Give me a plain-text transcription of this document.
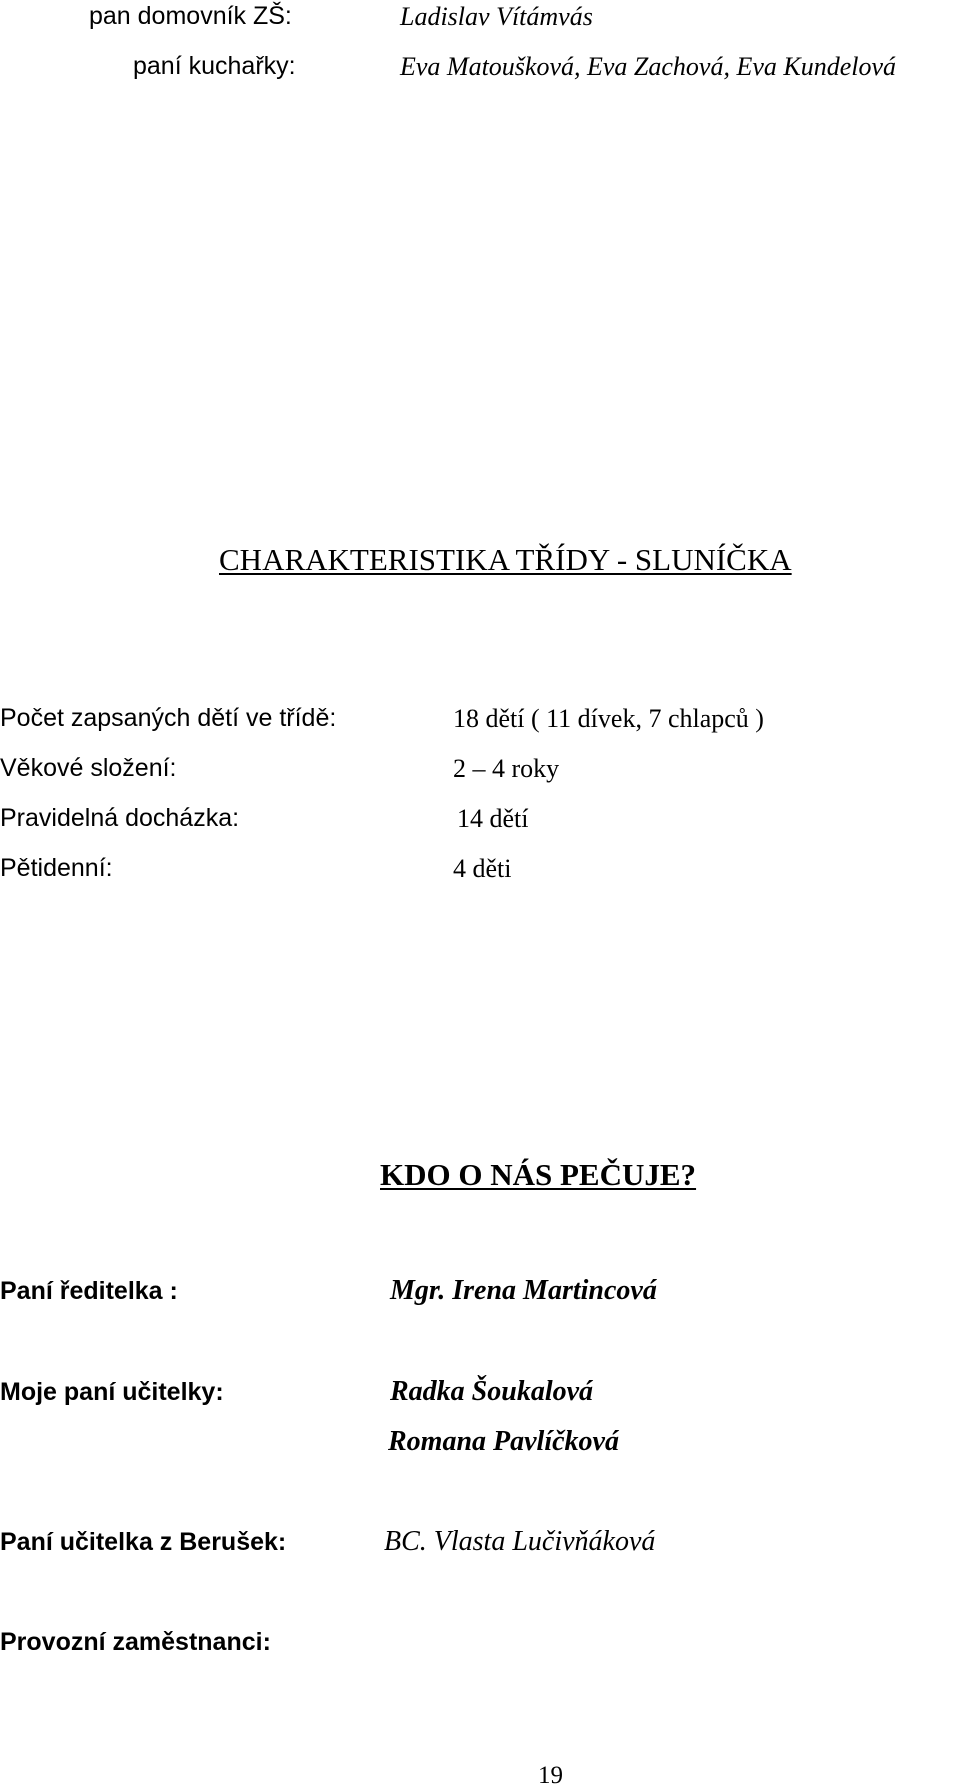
pan domovník ZŠ:	Ladislav Vítámvás
paní kuchařky:	Eva Matoušková, Eva Zachová, Eva Kundelová
CHARAKTERISTIKA TŘÍDY - SLUNÍČKA
Počet zapsaných dětí ve třídě:	18 dětí ( 11 dívek, 7 chlapců )
Věkové složení:	2 – 4 roky
Pravidelná docházka:	14 dětí
Pětidenní:	4 děti
KDO O NÁS PEČUJE?
Paní ředitelka :	Mgr. Irena Martincová
Moje paní učitelky:	Radka Šoukalová
Romana Pavlíčková
Paní učitelka z Berušek:	BC. Vlasta Lučivňáková
Provozní zaměstnanci:
19
